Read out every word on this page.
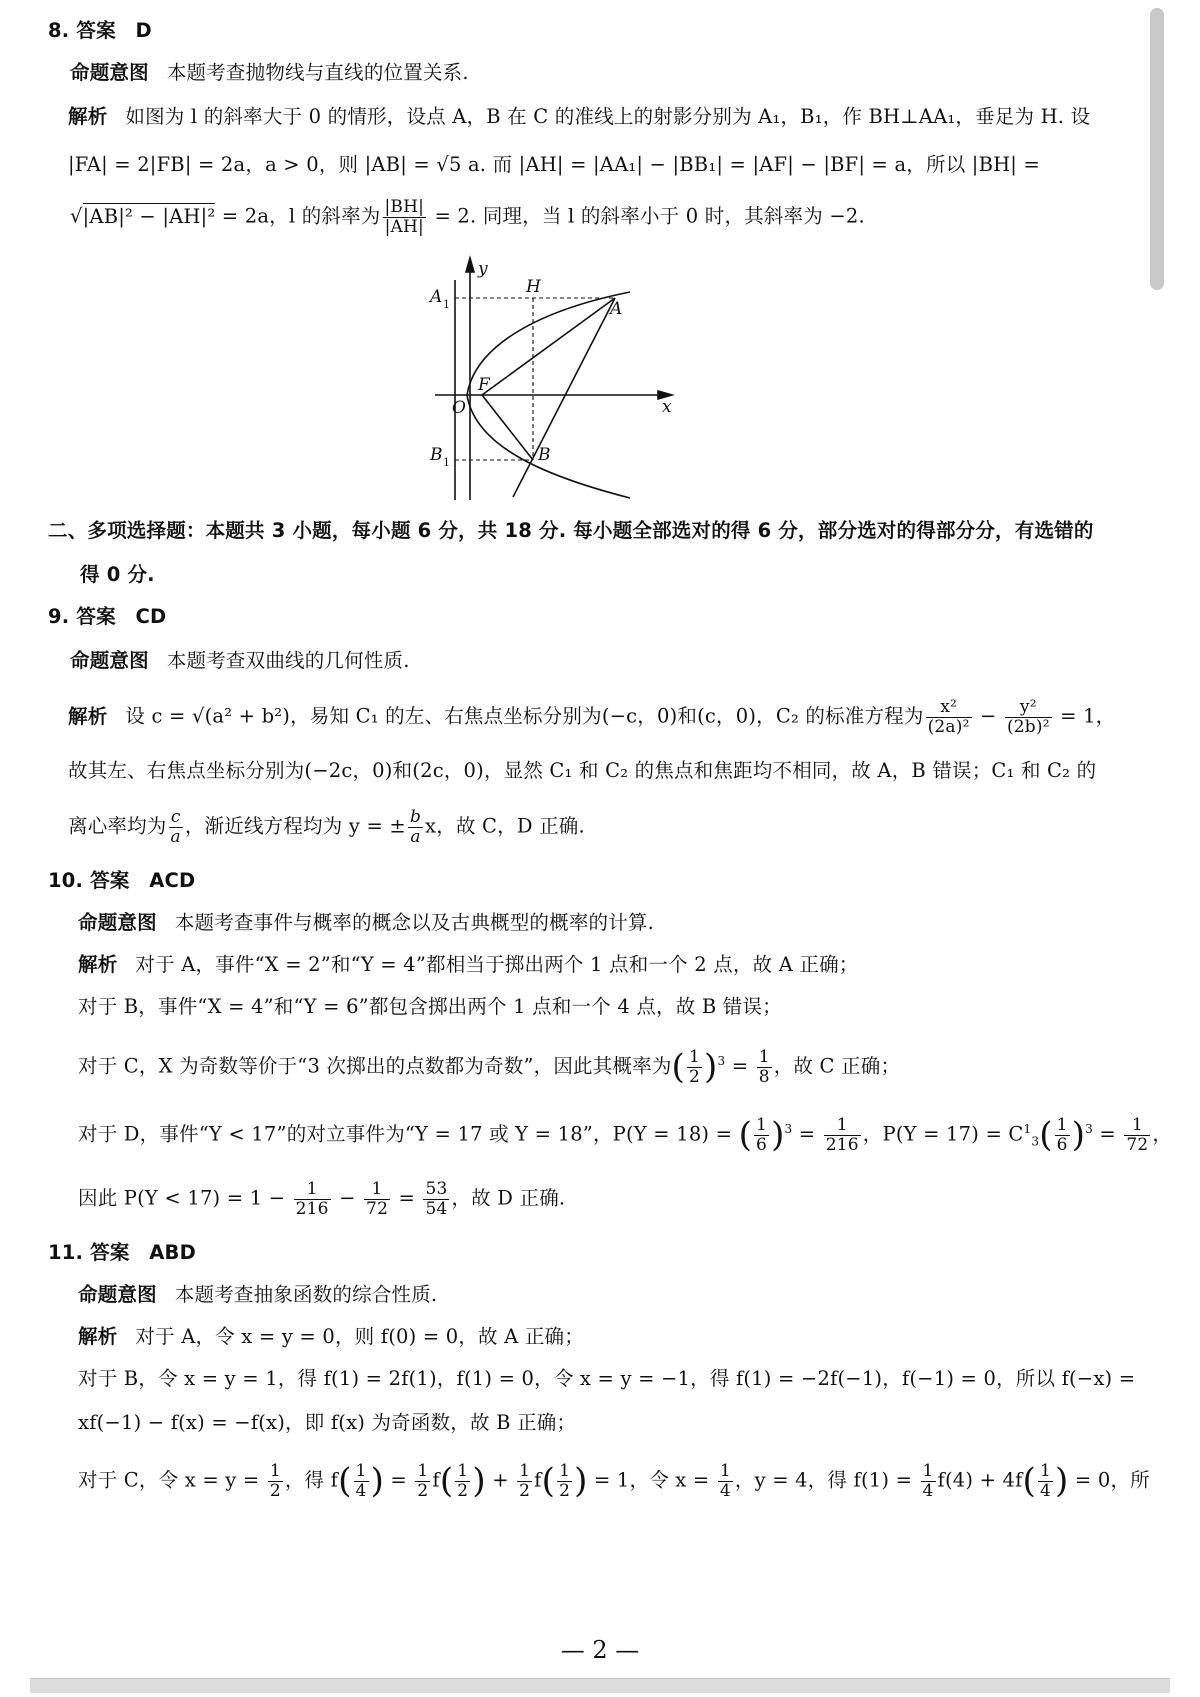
8. 答案　D
命题意图 本题考查抛物线与直线的位置关系.
解析 如图为 l 的斜率大于 0 的情形，设点 A，B 在 C 的准线上的射影分别为 A₁，B₁，作 BH⊥AA₁，垂足为 H. 设
|FA| = 2|FB| = 2a，a > 0，则 |AB| = √5 a. 而 |AH| = |AA₁| − |BB₁| = |AF| − |BF| = a，所以 |BH| =
√|AB|² − |AH|² = 2a，l 的斜率为 $\frac{|BH|}{|AH|} = 2$. 同理，当 l 的斜率小于 0 时，其斜率为 −2.
y
x
O
F
H
A
A 1
B
B 1
二、多项选择题：本题共 3 小题，每小题 6 分，共 18 分. 每小题全部选对的得 6 分，部分选对的得部分分，有选错的
得 0 分.
9. 答案　CD
命题意图 本题考查双曲线的几何性质.
解析 设 c = √(a² + b²)，易知 C₁ 的左、右焦点坐标分别为(−c，0)和(c，0)，C₂ 的标准方程为 $\frac{\text{x²}}{\text{(2a)²}} - \frac{\text{y²}}{\text{(2b)²}} = 1$，
故其左、右焦点坐标分别为(−2c，0)和(2c，0)，显然 C₁ 和 C₂ 的焦点和焦距均不相同，故 A，B 错误；C₁ 和 C₂ 的
离心率均为 $\frac{c}{a}$ ，渐近线方程均为 y = ± $\frac{b}{a}$ x，故 C，D 正确.
10. 答案　ACD
命题意图 本题考查事件与概率的概念以及古典概型的概率的计算.
解析 对于 A，事件“X = 2”和“Y = 4”都相当于掷出两个 1 点和一个 2 点，故 A 正确；
对于 B，事件“X = 4”和“Y = 6”都包含掷出两个 1 点和一个 4 点，故 B 错误；
对于 C，X 为奇数等价于“3 次掷出的点数都为奇数”，因此其概率为( $\frac{1}{2} )^3 = \frac{1}{8}$ ，故 C 正确；
对于 D，事件“Y < 17”的对立事件为“Y = 17 或 Y = 18”，P(Y = 18) = ( $\frac{1}{6} )^3 = \frac{1}{216}$ ，$P(Y = 17) = C^1_3( \frac{1}{6} )^3 = \frac{1}{72}$ ，
因此 $P(Y < 17) = 1 - \frac{1}{216} - \frac{1}{72} = \frac{53}{54}$ ，故 D 正确.
11. 答案　ABD
命题意图 本题考查抽象函数的综合性质.
解析 对于 A，令 x = y = 0，则 f(0) = 0，故 A 正确；
对于 B，令 x = y = 1，得 f(1) = 2f(1)，f(1) = 0，令 x = y = −1，得 f(1) = −2f(−1)，f(−1) = 0，所以 f(−x) =
xf(−1) − f(x) = −f(x)，即 f(x) 为奇函数，故 B 正确；
对于 C，令 $x = y = \frac{1}{2}$ ，得 $f( \frac{1}{4}$ ) = $\frac{1}{2} f( \frac{1}{2}$ ) + $\frac{1}{2} f( \frac{1}{2}$ ) = 1，令 $x = \frac{1}{4}$ ，y = 4，得 $f(1) = \frac{1}{4} f(4) + 4f( \frac{1}{4}$ ) = 0，所
— 2 —
